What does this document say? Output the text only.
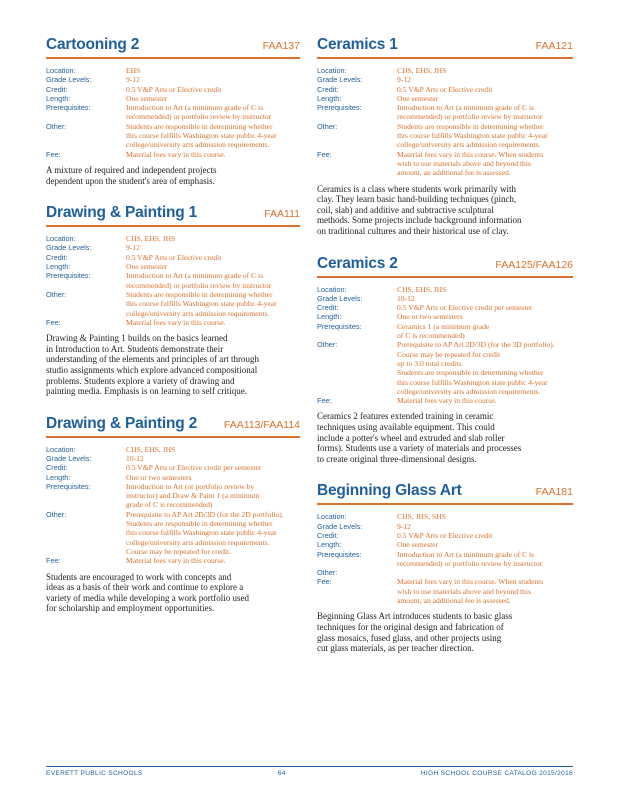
Cartooning 2	FAA137
Location:	EHS
Grade Levels:	9-12
Credit:	0.5 V&P Arts or Elective credit
Length:	One semester
Prerequisites:	Introduction to Art (a minimum grade of C is
recommended) or portfolio review by instructor
Other:	Students are responsible in determining whether
this course fulfills Washington state public 4-year
college/university arts admission requirements.
Fee:	Material fees vary in this course.
A mixture of required and independent projects
dependent upon the student's area of emphasis.
Drawing & Painting 1	FAA111
Location:	CHS, EHS, JHS
Grade Levels:	9-12
Credit:	0.5 V&P Arts or Elective credit
Length:	One semester
Prerequisites:	Introduction to Art (a minimum grade of C is
recommended) or portfolio review by instructor
Other:	Students are responsible in determining whether
this course fulfills Washington state public 4-year
college/university arts admission requirements.
Fee:	Material fees vary in this course.
Drawing & Painting 1 builds on the basics learned
in Introduction to Art. Students demonstrate their
understanding of the elements and principles of art through
studio assignments which explore advanced compositional
problems. Students explore a variety of drawing and
painting media. Emphasis is on learning to self critique.
Drawing & Painting 2	FAA113/FAA114
Location:	CHS, EHS, JHS
Grade Levels:	10-12
Credit:	0.5 V&P Arts or Elective credit per semester
Length:	One or two semesters
Prerequisites:	Introduction to Art (or portfolio review by
instructor) and Draw & Paint 1 (a minimum
grade of C is recommended)
Other:	Prerequisite to AP Art 2D/3D (for the 2D portfolio).
Students are responsible in determining whether
this course fulfills Washington state public 4-year
college/university arts admission requirements.
Course may be repeated for credit.
Fee:	Material fees vary in this course.
Students are encouraged to work with concepts and
ideas as a basis of their work and continue to explore a
variety of media while developing a work portfolio used
for scholarship and employment opportunities.
Ceramics 1	FAA121
Location:	CHS, EHS, JHS
Grade Levels:	9-12
Credit:	0.5 V&P Arts or Elective credit
Length:	One semester
Prerequisites:	Introduction to Art (a minimum grade of C is
recommended) or portfolio review by instructor
Other:	Students are responsible in determining whether
this course fulfills Washington state public 4-year
college/university arts admission requirements.
Fee:	Material fees vary in this course. When students
wish to use materials above and beyond this
amount, an additional fee is assessed.
Ceramics is a class where students work primarily with
clay. They learn basic hand-building techniques (pinch,
coil, slab) and additive and subtractive sculptural
methods. Some projects include background information
on traditional cultures and their historical use of clay.
Ceramics 2	FAA125/FAA126
Location:	CHS, EHS, JHS
Grade Levels:	10-12
Credit:	0.5 V&P Arts or Elective credit per semester
Length:	One or two semesters
Prerequisites:	Ceramics 1 (a minimum grade
of C is recommended)
Other:	Prerequisite to AP Art 2D/3D (for the 3D portfolio).
Course may be repeated for credit
up to 3.0 total credits.
Students are responsible in determining whether
this course fulfills Washington state public 4-year
college/university arts admission requirements.
Fee:	Material fees vary in this course.
Ceramics 2 features extended training in ceramic
techniques using available equipment. This could
include a potter's wheel and extruded and slab roller
forms). Students use a variety of materials and processes
to create original three-dimensional designs.
Beginning Glass Art	FAA181
Location:	CHS, JHS, SHS
Grade Levels:	9-12
Credit:	0.5 V&P Arts or Elective credit
Length:	One semester
Prerequisites:	Introduction to Art (a minimum grade of C is
recommended) or portfolio review by instructor
Other:
Fee:	Material fees vary in this course. When students
wish to use materials above and beyond this
amount, an additional fee is assessed.
Beginning Glass Art introduces students to basic glass
techniques for the original design and fabrication of
glass mosaics, fused glass, and other projects using
cut glass materials, as per teacher direction.
EVERETT PUBLIC SCHOOLS	64	HIGH SCHOOL COURSE CATALOG 2015/2016
